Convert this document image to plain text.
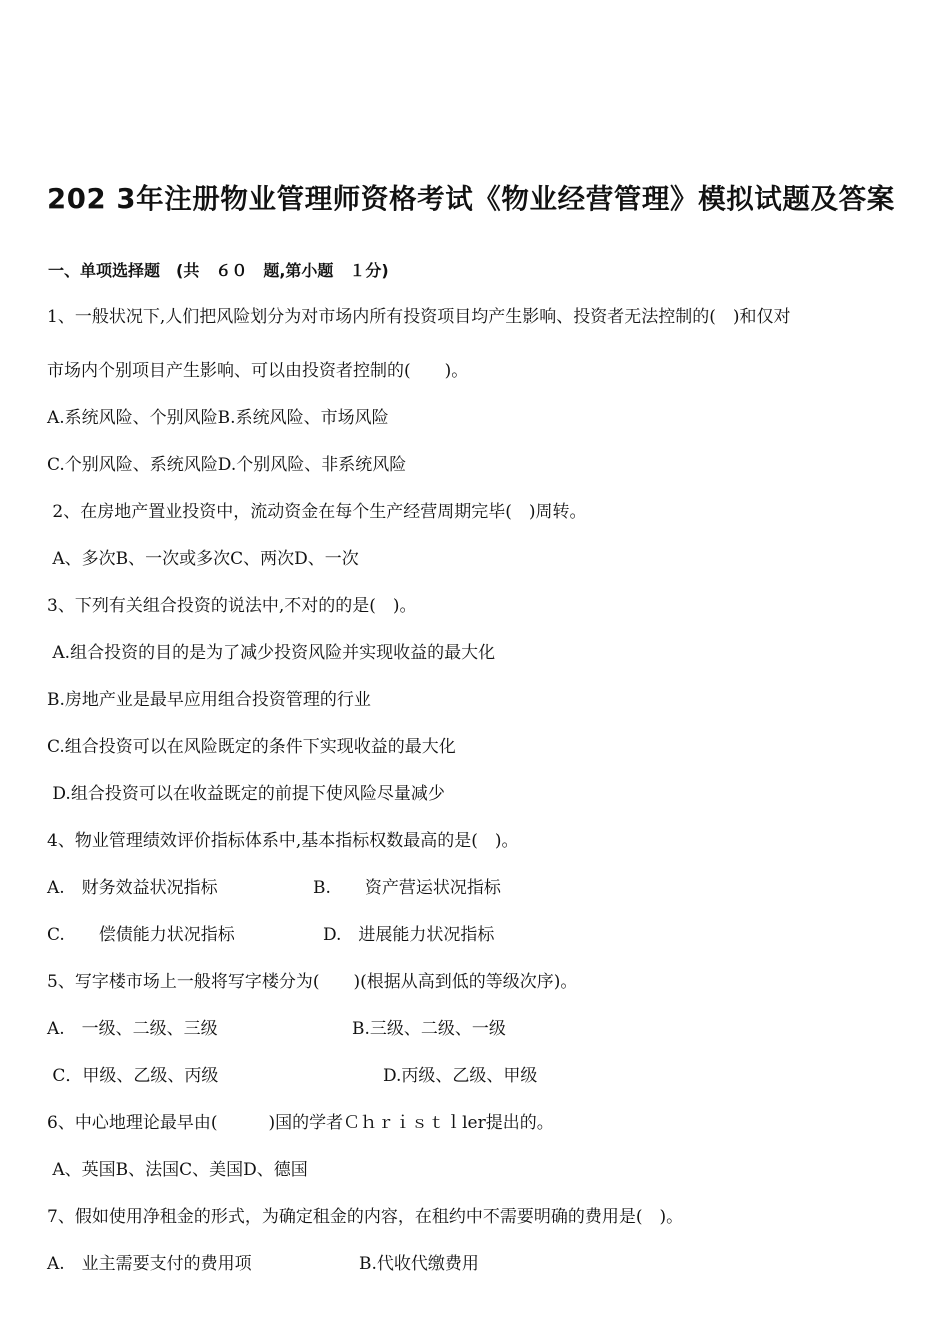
202 3年注册物业管理师资格考试《物业经营管理》模拟试题及答案
一、单项选择题　(共　６０　题,第小题　１分)
1、一般状况下,人们把风险划分为对市场内所有投资项目均产生影响、投资者无法控制的(　)和仅对
市场内个别项目产生影响、可以由投资者控制的(　　)。
A.系统风险、个别风险B.系统风险、市场风险
C.个别风险、系统风险D.个别风险、非系统风险
2、在房地产置业投资中，流动资金在每个生产经营周期完毕(　)周转。
A、多次B、一次或多次C、两次D、一次
3、下列有关组合投资的说法中,不对的的是(　)。
A.组合投资的目的是为了减少投资风险并实现收益的最大化
B.房地产业是最早应用组合投资管理的行业
C.组合投资可以在风险既定的条件下实现收益的最大化
D.组合投资可以在收益既定的前提下使风险尽量减少
4、物业管理绩效评价指标体系中,基本指标权数最高的是(　)。
A.　财务效益状况指标	B.　　资产营运状况指标
C.　　偿债能力状况指标	D.　进展能力状况指标
5、写字楼市场上一般将写字楼分为(　　)(根据从高到低的等级次序)。
A.　一级、二级、三级	B.三级、二级、一级
C．甲级、乙级、丙级	D.丙级、乙级、甲级
6、中心地理论最早由(　　　)国的学者Ｃｈｒｉｓｔｌler提出的。
A、英国B、法国C、美国D、德国
7、假如使用净租金的形式，为确定租金的内容，在租约中不需要明确的费用是(　)。
A.　业主需要支付的费用项	B.代收代缴费用
